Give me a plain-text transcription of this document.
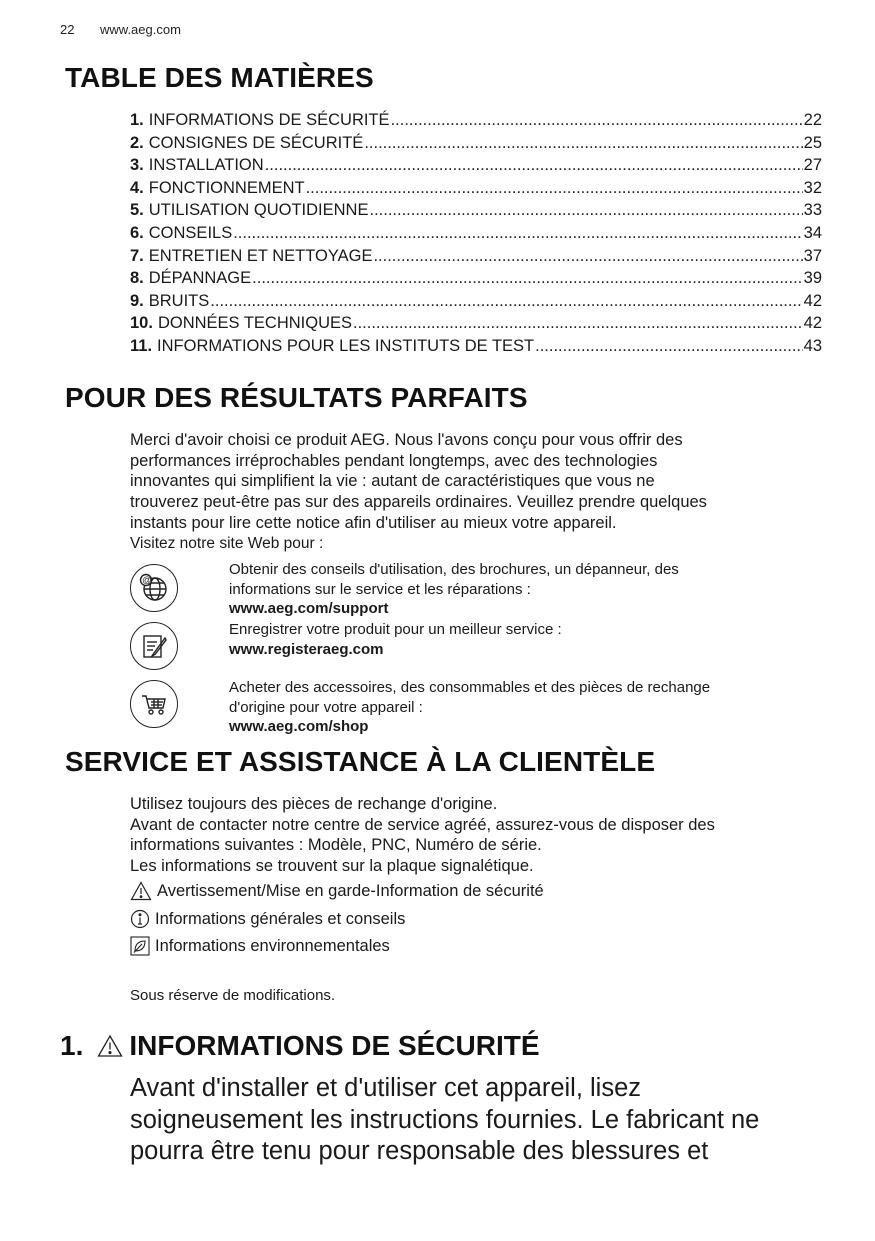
22 www.aeg.com
TABLE DES MATIÈRES
1. INFORMATIONS DE SÉCURITÉ .....	22
2. CONSIGNES DE SÉCURITÉ .....	25
3. INSTALLATION .....	27
4. FONCTIONNEMENT .....	32
5. UTILISATION QUOTIDIENNE .....	33
6. CONSEILS .....	34
7. ENTRETIEN ET NETTOYAGE .....	37
8. DÉPANNAGE .....	39
9. BRUITS .....	42
10. DONNÉES TECHNIQUES .....	42
11. INFORMATIONS POUR LES INSTITUTS DE TEST .....	43
POUR DES RÉSULTATS PARFAITS

Merci d'avoir choisi ce produit AEG. Nous l'avons conçu pour vous offrir des

performances irréprochables pendant longtemps, avec des technologies

innovantes qui simplifient la vie : autant de caractéristiques que vous ne

trouverez peut-être pas sur des appareils ordinaires. Veuillez prendre quelques

instants pour lire cette notice afin d'utiliser au mieux votre appareil.

Visitez notre site Web pour :

@
Obtenir des conseils d'utilisation, des brochures, un dépanneur, des
informations sur le service et les réparations :
www.aeg.com/support
Enregistrer votre produit pour un meilleur service :
www.registeraeg.com
Acheter des accessoires, des consommables et des pièces de rechange
d'origine pour votre appareil :
www.aeg.com/shop
SERVICE ET ASSISTANCE À LA CLIENTÈLE

Utilisez toujours des pièces de rechange d'origine.

Avant de contacter notre centre de service agréé, assurez-vous de disposer des

informations suivantes : Modèle, PNC, Numéro de série.

Les informations se trouvent sur la plaque signalétique.

Avertissement/Mise en garde-Information de sécurité
Informations générales et conseils
Informations environnementales
Sous réserve de modifications.
1. INFORMATIONS DE SÉCURITÉ

Avant d'installer et d'utiliser cet appareil, lisez

soigneusement les instructions fournies. Le fabricant ne

pourra être tenu pour responsable des blessures et
